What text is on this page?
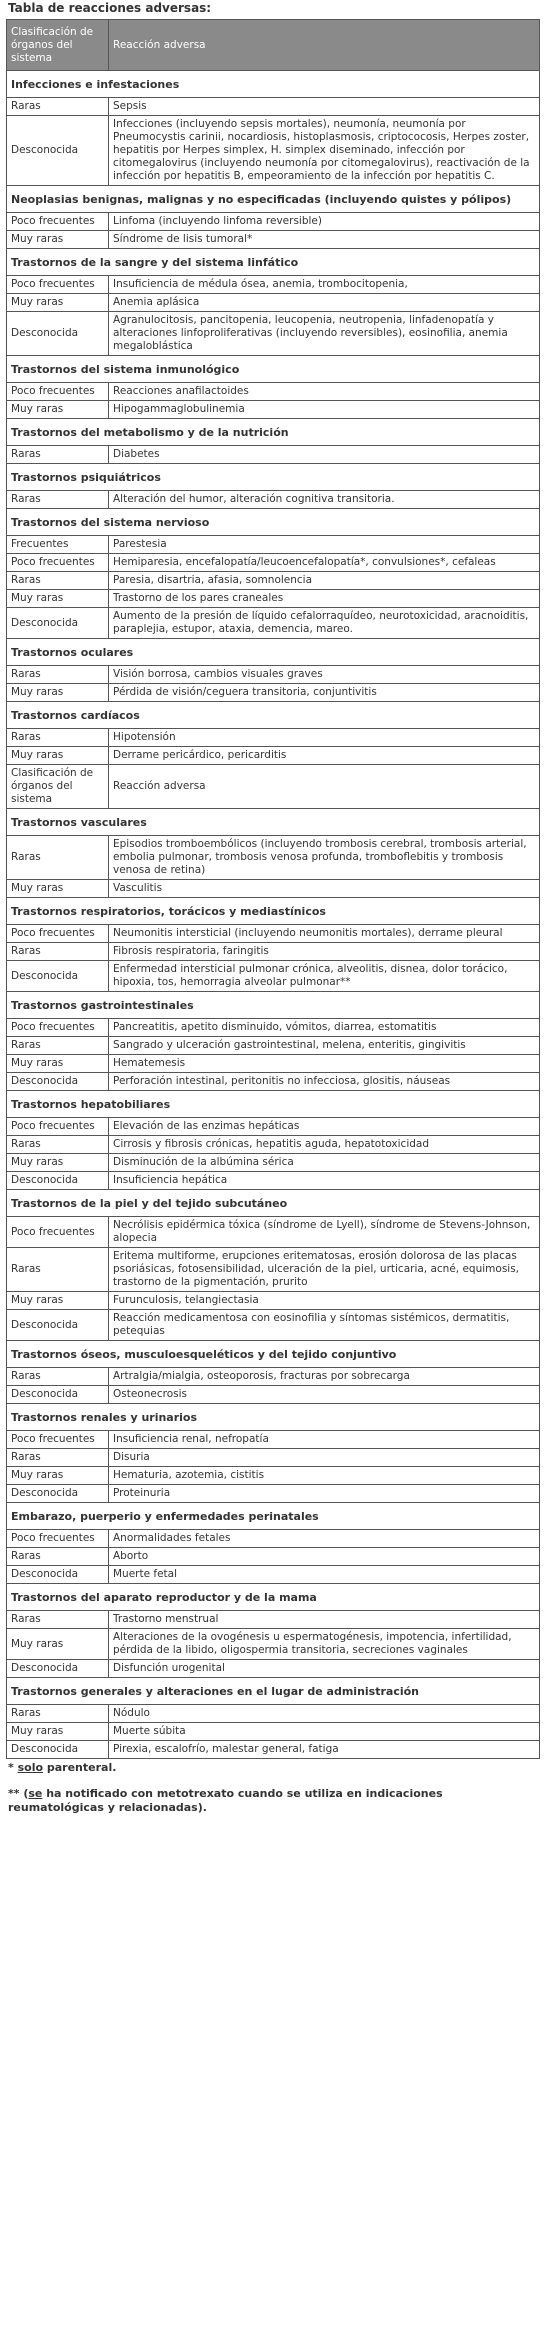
Tabla de reacciones adversas:
Clasificación de órganos del sistema	Reacción adversa
Infecciones e infestaciones	
Raras	Sepsis
Desconocida	Infecciones (incluyendo sepsis mortales), neumonía, neumonía por Pneumocystis carinii, nocardiosis, histoplasmosis, criptococosis, Herpes zoster, hepatitis por Herpes simplex, H. simplex diseminado, infección por citomegalovirus (incluyendo neumonía por citomegalovirus), reactivación de la infección por hepatitis B, empeoramiento de la infección por hepatitis C.
Neoplasias benignas, malignas y no especificadas (incluyendo quistes y pólipos)	
Poco frecuentes	Linfoma (incluyendo linfoma reversible)
Muy raras	Síndrome de lisis tumoral*
Trastornos de la sangre y del sistema linfático	
Poco frecuentes	Insuficiencia de médula ósea, anemia, trombocitopenia,
Muy raras	Anemia aplásica
Desconocida	Agranulocitosis, pancitopenia, leucopenia, neutropenia, linfadenopatía y alteraciones linfoproliferativas (incluyendo reversibles), eosinofilia, anemia megaloblástica
Trastornos del sistema inmunológico	
Poco frecuentes	Reacciones anafilactoides
Muy raras	Hipogammaglobulinemia
Trastornos del metabolismo y de la nutrición	
Raras	Diabetes
Trastornos psiquiátricos	
Raras	Alteración del humor, alteración cognitiva transitoria.
Trastornos del sistema nervioso	
Frecuentes	Parestesia
Poco frecuentes	Hemiparesia, encefalopatía/leucoencefalopatía*, convulsiones*, cefaleas
Raras	Paresia, disartria, afasia, somnolencia
Muy raras	Trastorno de los pares craneales
Desconocida	Aumento de la presión de líquido cefalorraquídeo, neurotoxicidad, aracnoiditis, paraplejia, estupor, ataxia, demencia, mareo.
Trastornos oculares	
Raras	Visión borrosa, cambios visuales graves
Muy raras	Pérdida de visión/ceguera transitoria, conjuntivitis
Trastornos cardíacos	
Raras	Hipotensión
Muy raras	Derrame pericárdico, pericarditis
Clasificación de órganos del sistema	Reacción adversa
Trastornos vasculares	
Raras	Episodios tromboembólicos (incluyendo trombosis cerebral, trombosis arterial, embolia pulmonar, trombosis venosa profunda, tromboflebitis y trombosis venosa de retina)
Muy raras	Vasculitis
Trastornos respiratorios, torácicos y mediastínicos	
Poco frecuentes	Neumonitis intersticial (incluyendo neumonitis mortales), derrame pleural
Raras	Fibrosis respiratoria, faringitis
Desconocida	Enfermedad intersticial pulmonar crónica, alveolitis, disnea, dolor torácico, hipoxia, tos, hemorragia alveolar pulmonar**
Trastornos gastrointestinales	
Poco frecuentes	Pancreatitis, apetito disminuido, vómitos, diarrea, estomatitis
Raras	Sangrado y ulceración gastrointestinal, melena, enteritis, gingivitis
Muy raras	Hematemesis
Desconocida	Perforación intestinal, peritonitis no infecciosa, glositis, náuseas
Trastornos hepatobiliares	
Poco frecuentes	Elevación de las enzimas hepáticas
Raras	Cirrosis y fibrosis crónicas, hepatitis aguda, hepatotoxicidad
Muy raras	Disminución de la albúmina sérica
Desconocida	Insuficiencia hepática
Trastornos de la piel y del tejido subcutáneo	
Poco frecuentes	Necrólisis epidérmica tóxica (síndrome de Lyell), síndrome de Stevens-Johnson, alopecia
Raras	Eritema multiforme, erupciones eritematosas, erosión dolorosa de las placas psoriásicas, fotosensibilidad, ulceración de la piel, urticaria, acné, equimosis, trastorno de la pigmentación, prurito
Muy raras	Furunculosis, telangiectasia
Desconocida	Reacción medicamentosa con eosinofilia y síntomas sistémicos, dermatitis, petequias
Trastornos óseos, musculoesqueléticos y del tejido conjuntivo	
Raras	Artralgia/mialgia, osteoporosis, fracturas por sobrecarga
Desconocida	Osteonecrosis
Trastornos renales y urinarios	
Poco frecuentes	Insuficiencia renal, nefropatía
Raras	Disuria
Muy raras	Hematuria, azotemia, cistitis
Desconocida	Proteinuria
Embarazo, puerperio y enfermedades perinatales	
Poco frecuentes	Anormalidades fetales
Raras	Aborto
Desconocida	Muerte fetal
Trastornos del aparato reproductor y de la mama	
Raras	Trastorno menstrual
Muy raras	Alteraciones de la ovogénesis u espermatogénesis, impotencia, infertilidad, pérdida de la libido, oligospermia transitoria, secreciones vaginales
Desconocida	Disfunción urogenital
Trastornos generales y alteraciones en el lugar de administración	
Raras	Nódulo
Muy raras	Muerte súbita
Desconocida	Pirexia, escalofrío, malestar general, fatiga
* solo parenteral.
** (se ha notificado con metotrexato cuando se utiliza en indicaciones reumatológicas y relacionadas).
